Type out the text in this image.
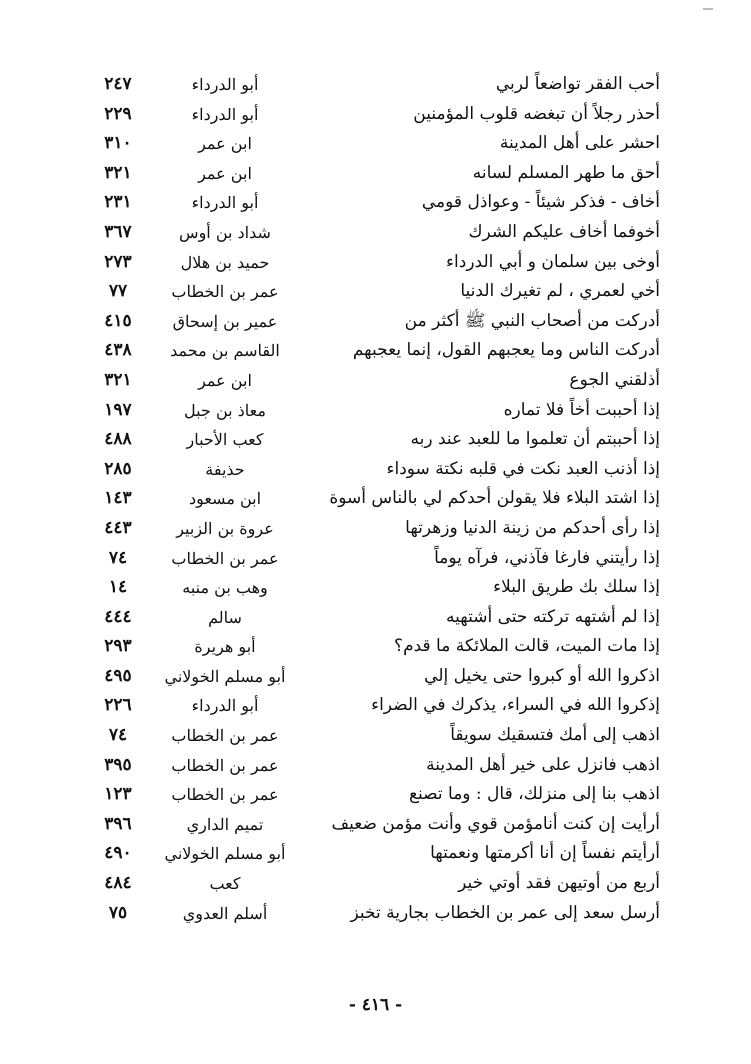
أحب الفقر تواضعاً لربي
أبو الدرداء
٢٤٧
أحذر رجلاً أن تبغضه قلوب المؤمنين
أبو الدرداء
٢٢٩
احشر على أهل المدينة
ابن عمر
٣١٠
أحق ما طهر المسلم لسانه
ابن عمر
٣٢١
أخاف - فذكر شيئاً - وعواذل قومي
أبو الدرداء
٢٣١
أخوفما أخاف عليكم الشرك
شداد بن أوس
٣٦٧
أوخى بين سلمان و أبي الدرداء
حميد بن هلال
٢٧٣
أخي لعمري ، لم تغيرك الدنيا
عمر بن الخطاب
٧٧
أدركت من أصحاب النبي ﷺ أكثر من
عمير بن إسحاق
٤١٥
أدركت الناس وما يعجبهم القول، إنما يعجبهم
القاسم بن محمد
٤٣٨
أذلقني الجوع
ابن عمر
٣٢١
إذا أحببت أخاً فلا تماره
معاذ بن جبل
١٩٧
إذا أحببتم أن تعلموا ما للعبد عند ربه
كعب الأحبار
٤٨٨
إذا أذنب العبد نكت في قلبه نكتة سوداء
حذيفة
٢٨٥
إذا اشتد البلاء فلا يقولن أحدكم لي بالناس أسوة
ابن مسعود
١٤٣
إذا رأى أحدكم من زينة الدنيا وزهرتها
عروة بن الزبير
٤٤٣
إذا رأيتني فارغا فآذني، فرآه يوماً
عمر بن الخطاب
٧٤
إذا سلك بك طريق البلاء
وهب بن منبه
١٤
إذا لم أشتهه تركته حتى أشتهيه
سالم
٤٤٤
إذا مات الميت، قالت الملائكة ما قدم؟
أبو هريرة
٢٩٣
اذكروا الله أو كبروا حتى يخيل إلي
أبو مسلم الخولاني
٤٩٥
إذكروا الله في السراء، يذكرك في الضراء
أبو الدرداء
٢٢٦
اذهب إلى أمك فتسقيك سويقاً
عمر بن الخطاب
٧٤
اذهب فانزل على خير أهل المدينة
عمر بن الخطاب
٣٩٥
اذهب بنا إلى منزلك، قال : وما تصنع
عمر بن الخطاب
١٢٣
أرأيت إن كنت أنامؤمن قوي وأنت مؤمن ضعيف
تميم الداري
٣٩٦
أرأيتم نفساً إن أنا أكرمتها ونعمتها
أبو مسلم الخولاني
٤٩٠
أربع من أوتيهن فقد أوتي خير
كعب
٤٨٤
أرسل سعد إلى عمر بن الخطاب بجارية تخبز
أسلم العدوي
٧٥
- ٤١٦ -
